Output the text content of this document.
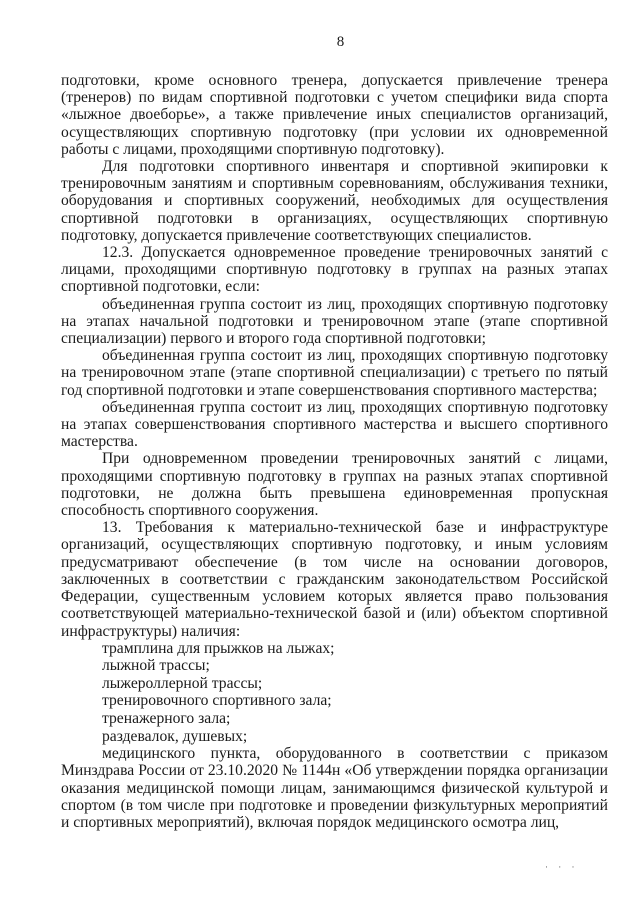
8

подготовки, кроме основного тренера, допускается привлечение тренера (тренеров) по видам спортивной подготовки с учетом специфики вида спорта «лыжное двоеборье», а также привлечение иных специалистов организаций, осуществляющих спортивную подготовку (при условии их одновременной работы с лицами, проходящими спортивную подготовку).

Для подготовки спортивного инвентаря и спортивной экипировки к тренировочным занятиям и спортивным соревнованиям, обслуживания техники, оборудования и спортивных сооружений, необходимых для осуществления спортивной подготовки в организациях, осуществляющих спортивную подготовку, допускается привлечение соответствующих специалистов.

12.3. Допускается одновременное проведение тренировочных занятий с лицами, проходящими спортивную подготовку в группах на разных этапах спортивной подготовки, если:

объединенная группа состоит из лиц, проходящих спортивную подготовку на этапах начальной подготовки и тренировочном этапе (этапе спортивной специализации) первого и второго года спортивной подготовки;

объединенная группа состоит из лиц, проходящих спортивную подготовку на тренировочном этапе (этапе спортивной специализации) с третьего по пятый год спортивной подготовки и этапе совершенствования спортивного мастерства;

объединенная группа состоит из лиц, проходящих спортивную подготовку на этапах совершенствования спортивного мастерства и высшего спортивного мастерства.

При одновременном проведении тренировочных занятий с лицами, проходящими спортивную подготовку в группах на разных этапах спортивной подготовки, не должна быть превышена единовременная пропускная способность спортивного сооружения.

13. Требования к материально-технической базе и инфраструктуре организаций, осуществляющих спортивную подготовку, и иным условиям предусматривают обеспечение (в том числе на основании договоров, заключенных в соответствии с гражданским законодательством Российской Федерации, существенным условием которых является право пользования соответствующей материально-технической базой и (или) объектом спортивной инфраструктуры) наличия:

трамплина для прыжков на лыжах;

лыжной трассы;

лыжероллерной трассы;

тренировочного спортивного зала;

тренажерного зала;

раздевалок, душевых;

медицинского пункта, оборудованного в соответствии с приказом Минздрава России от 23.10.2020 № 1144н «Об утверждении порядка организации оказания медицинской помощи лицам, занимающимся физической культурой и спортом (в том числе при подготовке и проведении физкультурных мероприятий и спортивных мероприятий), включая порядок медицинского осмотра лиц,

· · ·
